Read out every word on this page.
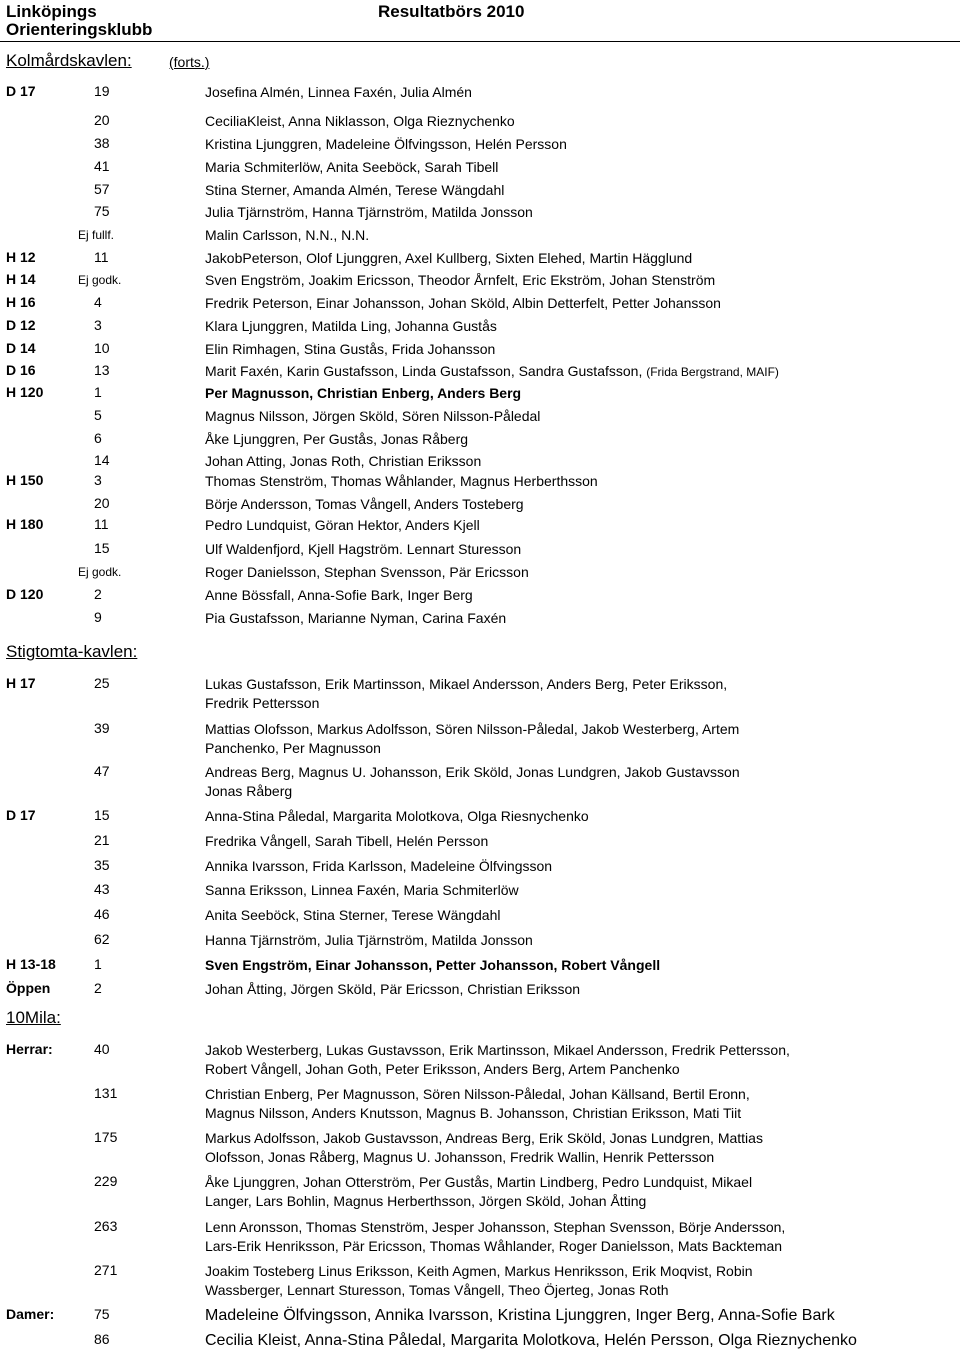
Linköpings
Orienteringsklubb
Resultatbörs 2010
Kolmårdskavlen:	(forts.)
D 17	19	Josefina Almén, Linnea Faxén, Julia Almén
20	CeciliaKleist, Anna Niklasson, Olga Rieznychenko
38	Kristina Ljunggren, Madeleine Ölfvingsson, Helén Persson
41	Maria Schmiterlöw, Anita Seeböck, Sarah Tibell
57	Stina Sterner, Amanda Almén, Terese Wängdahl
75	Julia Tjärnström, Hanna Tjärnström, Matilda Jonsson
Ej fullf.	Malin Carlsson, N.N., N.N.
H 12	11	JakobPeterson, Olof Ljunggren, Axel Kullberg, Sixten Elehed, Martin Hägglund
H 14	Ej godk.	Sven Engström, Joakim Ericsson, Theodor Årnfelt, Eric Ekström, Johan Stenström
H 16	4	Fredrik Peterson, Einar Johansson, Johan Sköld, Albin Detterfelt, Petter Johansson
D 12	3	Klara Ljunggren, Matilda Ling, Johanna Gustås
D 14	10	Elin Rimhagen, Stina Gustås, Frida Johansson
D 16	13	Marit Faxén, Karin Gustafsson, Linda Gustafsson, Sandra Gustafsson, (Frida Bergstrand, MAIF)
H 120	1	Per Magnusson, Christian Enberg, Anders Berg
5	Magnus Nilsson, Jörgen Sköld, Sören Nilsson-Påledal
6	Åke Ljunggren, Per Gustås, Jonas Råberg
14	Johan Atting, Jonas Roth, Christian Eriksson
H 150	3	Thomas Stenström, Thomas Wåhlander, Magnus Herberthsson
20	Börje Andersson, Tomas Vångell, Anders Tosteberg
H 180	11	Pedro Lundquist, Göran Hektor, Anders Kjell
15	Ulf Waldenfjord, Kjell Hagström. Lennart Sturesson
Ej godk.	Roger Danielsson, Stephan Svensson, Pär Ericsson
D 120	2	Anne Bössfall, Anna-Sofie Bark, Inger Berg
9	Pia Gustafsson, Marianne Nyman, Carina Faxén
Stigtomta-kavlen:
H 17	25	Lukas Gustafsson, Erik Martinsson, Mikael Andersson, Anders Berg, Peter Eriksson,
Fredrik Pettersson
39	Mattias Olofsson, Markus Adolfsson, Sören Nilsson-Påledal, Jakob Westerberg, Artem
Panchenko, Per Magnusson
47	Andreas Berg, Magnus U. Johansson, Erik Sköld, Jonas Lundgren, Jakob Gustavsson
Jonas Råberg
D 17	15	Anna-Stina Påledal, Margarita Molotkova, Olga Riesnychenko
21	Fredrika Vångell, Sarah Tibell, Helén Persson
35	Annika Ivarsson, Frida Karlsson, Madeleine Ölfvingsson
43	Sanna Eriksson, Linnea Faxén, Maria Schmiterlöw
46	Anita Seeböck, Stina Sterner, Terese Wängdahl
62	Hanna Tjärnström, Julia Tjärnström, Matilda Jonsson
H 13-18	1	Sven Engström, Einar Johansson, Petter Johansson, Robert Vångell
Öppen	2	Johan Åtting, Jörgen Sköld, Pär Ericsson, Christian Eriksson
10Mila:
Herrar:	40	Jakob Westerberg, Lukas Gustavsson, Erik Martinsson, Mikael Andersson, Fredrik Pettersson,
Robert Vångell, Johan Goth, Peter Eriksson, Anders Berg, Artem Panchenko
131	Christian Enberg, Per Magnusson, Sören Nilsson-Påledal, Johan Källsand, Bertil Eronn,
Magnus Nilsson, Anders Knutsson, Magnus B. Johansson, Christian Eriksson, Mati Tiit
175	Markus Adolfsson, Jakob Gustavsson, Andreas Berg, Erik Sköld, Jonas Lundgren, Mattias
Olofsson, Jonas Råberg, Magnus U. Johansson, Fredrik Wallin, Henrik Pettersson
229	Åke Ljunggren, Johan Otterström, Per Gustås, Martin Lindberg, Pedro Lundquist, Mikael
Langer, Lars Bohlin, Magnus Herberthsson, Jörgen Sköld, Johan Åtting
263	Lenn Aronsson, Thomas Stenström, Jesper Johansson, Stephan Svensson, Börje Andersson,
Lars-Erik Henriksson, Pär Ericsson, Thomas Wåhlander, Roger Danielsson, Mats Backteman
271	Joakim Tosteberg Linus Eriksson, Keith Agmen, Markus Henriksson, Erik Moqvist, Robin
Wassberger, Lennart Sturesson, Tomas Vångell, Theo Öjerteg, Jonas Roth
Damer:	75	Madeleine Ölfvingsson, Annika Ivarsson, Kristina Ljunggren, Inger Berg, Anna-Sofie Bark
86	Cecilia Kleist, Anna-Stina Påledal, Margarita Molotkova, Helén Persson, Olga Rieznychenko
